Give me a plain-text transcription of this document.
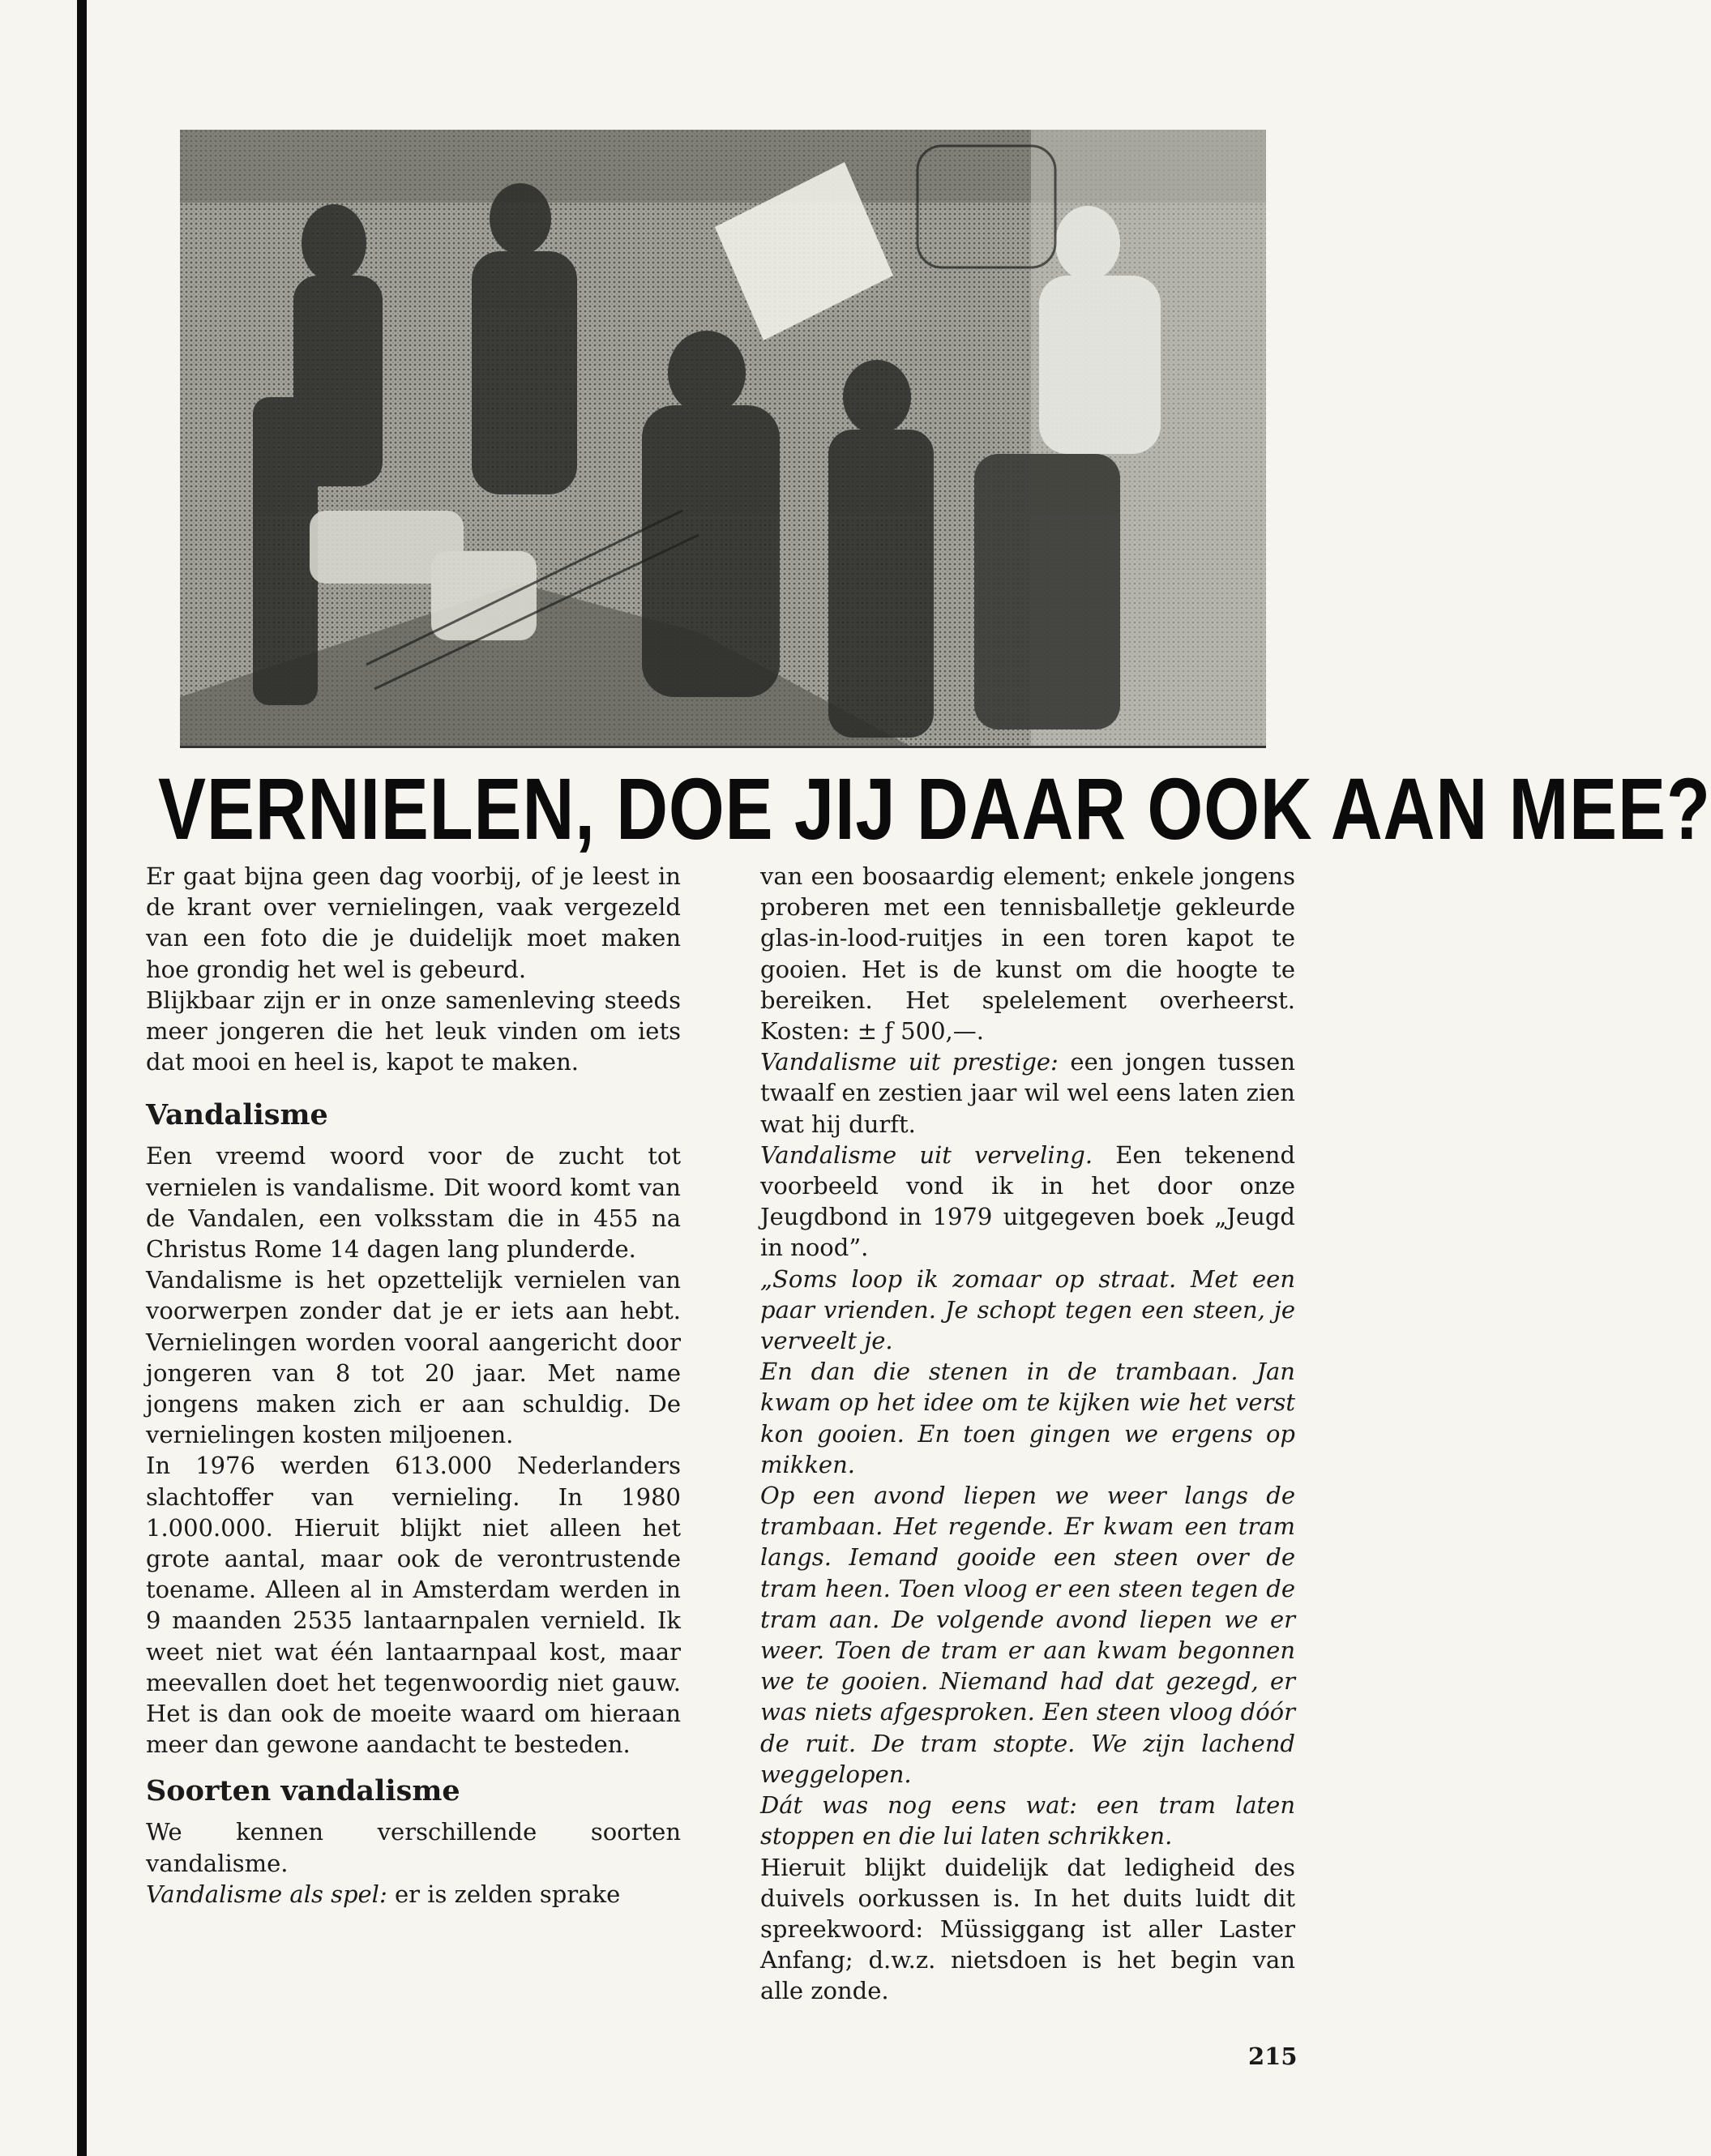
VERNIELEN, DOE JIJ DAAR OOK AAN MEE?

Er gaat bijna geen dag voorbij, of je leest in de krant over vernielingen, vaak vergezeld van een foto die je duidelijk moet maken hoe grondig het wel is gebeurd.

Blijkbaar zijn er in onze samenleving steeds meer jongeren die het leuk vinden om iets dat mooi en heel is, kapot te maken.

Vandalisme

Een vreemd woord voor de zucht tot vernielen is vandalisme. Dit woord komt van de Vandalen, een volksstam die in 455 na Christus Rome 14 dagen lang plunderde.

Vandalisme is het opzettelijk vernielen van voorwerpen zonder dat je er iets aan hebt. Vernielingen worden vooral aangericht door jongeren van 8 tot 20 jaar. Met name jongens maken zich er aan schuldig. De vernielingen kosten miljoenen.

In 1976 werden 613.000 Nederlanders slachtoffer van vernieling. In 1980 1.000.000. Hieruit blijkt niet alleen het grote aantal, maar ook de verontrustende toename. Alleen al in Amsterdam werden in 9 maanden 2535 lantaarnpalen vernield. Ik weet niet wat één lantaarnpaal kost, maar meevallen doet het tegenwoordig niet gauw. Het is dan ook de moeite waard om hieraan meer dan gewone aandacht te besteden.

Soorten vandalisme

We kennen verschillende soorten vandalisme.

Vandalisme als spel: er is zelden sprake

van een boosaardig element; enkele jongens proberen met een tennisballetje gekleurde glas-in-lood-ruitjes in een toren kapot te gooien. Het is de kunst om die hoogte te bereiken. Het spelelement overheerst. Kosten: ± ƒ 500,—.

Vandalisme uit prestige: een jongen tussen twaalf en zestien jaar wil wel eens laten zien wat hij durft.

Vandalisme uit verveling. Een tekenend voorbeeld vond ik in het door onze Jeugdbond in 1979 uitgegeven boek „Jeugd in nood”.

„Soms loop ik zomaar op straat. Met een paar vrienden. Je schopt tegen een steen, je verveelt je.

En dan die stenen in de trambaan. Jan kwam op het idee om te kijken wie het verst kon gooien. En toen gingen we ergens op mikken.

Op een avond liepen we weer langs de trambaan. Het regende. Er kwam een tram langs. Iemand gooide een steen over de tram heen. Toen vloog er een steen tegen de tram aan. De volgende avond liepen we er weer. Toen de tram er aan kwam begonnen we te gooien. Niemand had dat gezegd, er was niets afgesproken. Een steen vloog dóór de ruit. De tram stopte. We zijn lachend weggelopen.

Dát was nog eens wat: een tram laten stoppen en die lui laten schrikken.

Hieruit blijkt duidelijk dat ledigheid des duivels oorkussen is. In het duits luidt dit spreekwoord: Müssiggang ist aller Laster Anfang; d.w.z. nietsdoen is het begin van alle zonde.

215
